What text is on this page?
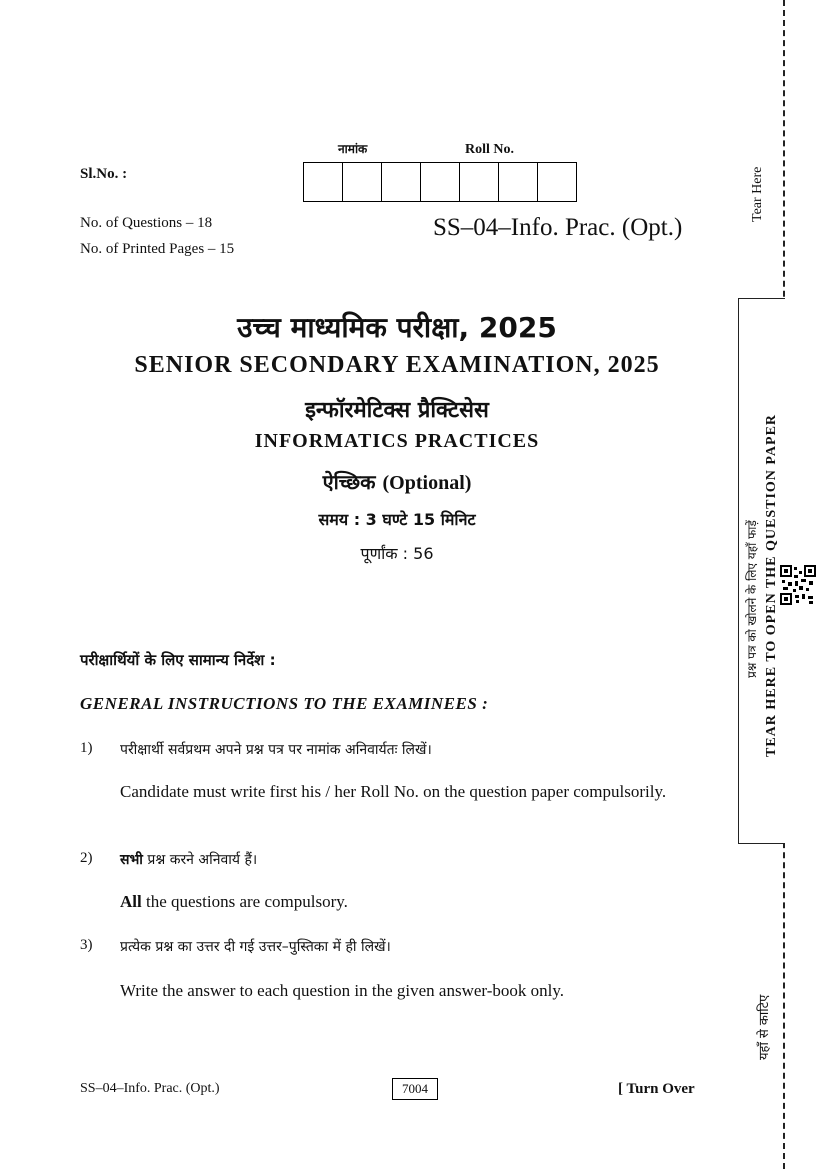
Sl.No. :
नामांक	Roll No.
No. of Questions – 18
No. of Printed Pages – 15
SS–04–Info. Prac. (Opt.)
उच्च माध्यमिक परीक्षा, 2025
SENIOR SECONDARY EXAMINATION, 2025
इन्फॉरमेटिक्स प्रैक्टिसेस
INFORMATICS PRACTICES
ऐच्छिक (Optional)
समय : 3 घण्टे 15 मिनिट
पूर्णांक : 56
परीक्षार्थियों के लिए सामान्य निर्देश :
GENERAL INSTRUCTIONS TO THE EXAMINEES :
1) परीक्षार्थी सर्वप्रथम अपने प्रश्न पत्र पर नामांक अनिवार्यतः लिखें।
Candidate must write first his / her Roll No. on the question paper compulsorily.
2) सभी प्रश्न करने अनिवार्य हैं।
All the questions are compulsory.
3) प्रत्येक प्रश्न का उत्तर दी गई उत्तर–पुस्तिका में ही लिखें।
Write the answer to each question in the given answer-book only.
SS–04–Info. Prac. (Opt.)	7004	[ Turn Over
Tear Here
प्रश्न पत्र को खोलने के लिए यहाँ फाड़ें TEAR HERE TO OPEN THE QUESTION PAPER
यहाँ से काटिए
